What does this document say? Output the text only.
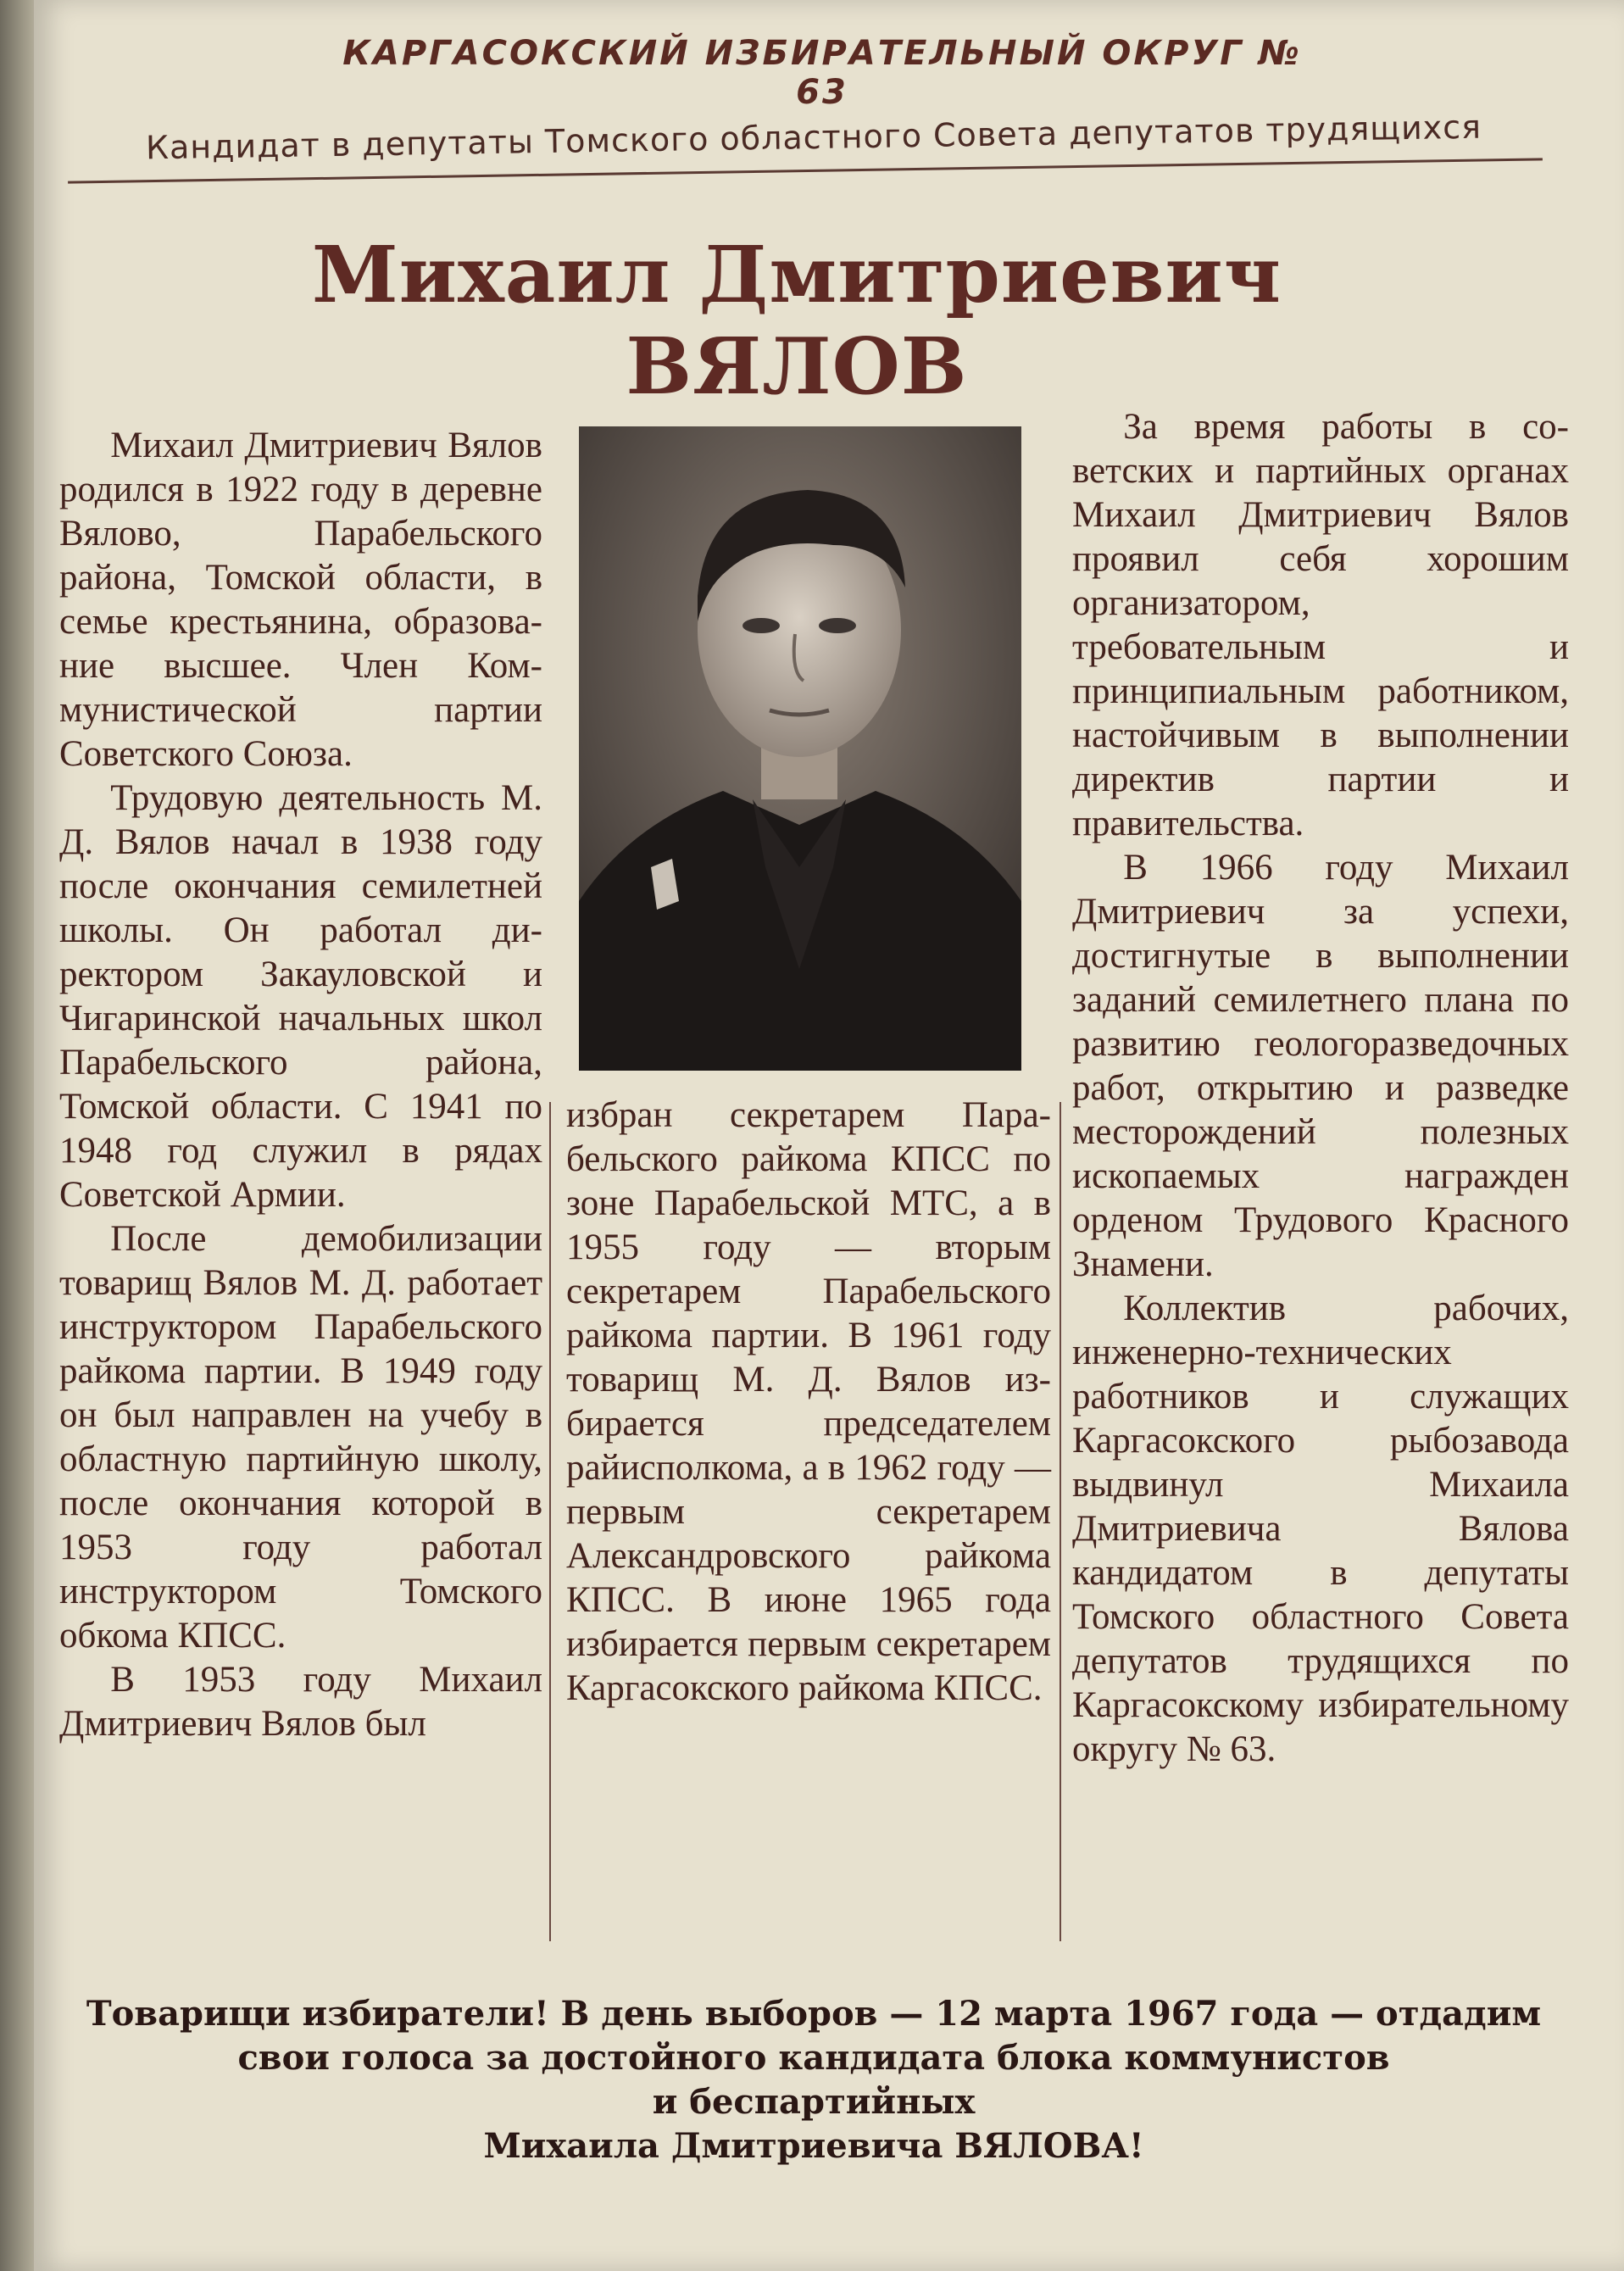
КАРГАСОКСКИЙ ИЗБИРАТЕЛЬНЫЙ ОКРУГ № 63
Кандидат в депутаты Томского областного Совета депутатов трудящихся
Михаил Дмитриевич ВЯЛОВ

Михаил Дмитриевич Вялов родился в 1922 году в деревне Вялово, Парабельского района, Томской области, в семье крестьянина, образование высшее. Член Коммунистической партии Советского Союза.

Трудовую деятельность М. Д. Вялов начал в 1938 году после окончания семилетней школы. Он работал директором Закауловской и Чигаринской начальных школ Парабельского района, Томской области. С 1941 по 1948 год служил в рядах Советской Армии.

После демобилизации товарищ Вялов М. Д. работает инструктором Парабельского райкома партии. В 1949 году он был направлен на учебу в областную партийную школу, после окончания которой в 1953 году работал инструктором Томского обкома КПСС.

В 1953 году Михаил Дмитриевич Вялов был

избран секретарем Парабельского райкома КПСС по зоне Парабельской МТС, а в 1955 году — вторым секретарем Парабельского райкома партии. В 1961 году товарищ М. Д. Вялов избирается председателем райисполкома, а в 1962 году — первым секретарем Александровского райкома КПСС. В июне 1965 года избирается первым секретарем Каргасокского райкома КПСС.

За время работы в советских и партийных органах Михаил Дмитриевич Вялов проявил себя хорошим организатором, требовательным и принципиальным работником, настойчивым в выполнении директив партии и правительства.

В 1966 году Михаил Дмитриевич за успехи, достигнутые в выполнении заданий семилетнего плана по развитию геологоразведочных работ, открытию и разведке месторождений полезных ископаемых награжден орденом Трудового Красного Знамени.

Коллектив рабочих, инженерно-технических работников и служащих Каргасокского рыбозавода выдвинул Михаила Дмитриевича Вялова кандидатом в депутаты Томского областного Совета депутатов трудящихся по Каргасокскому избирательному округу № 63.

Товарищи избиратели! В день выборов — 12 марта 1967 года — отдадим
свои голоса за достойного кандидата блока коммунистов
и беспартийных
Михаила Дмитриевича ВЯЛОВА!
